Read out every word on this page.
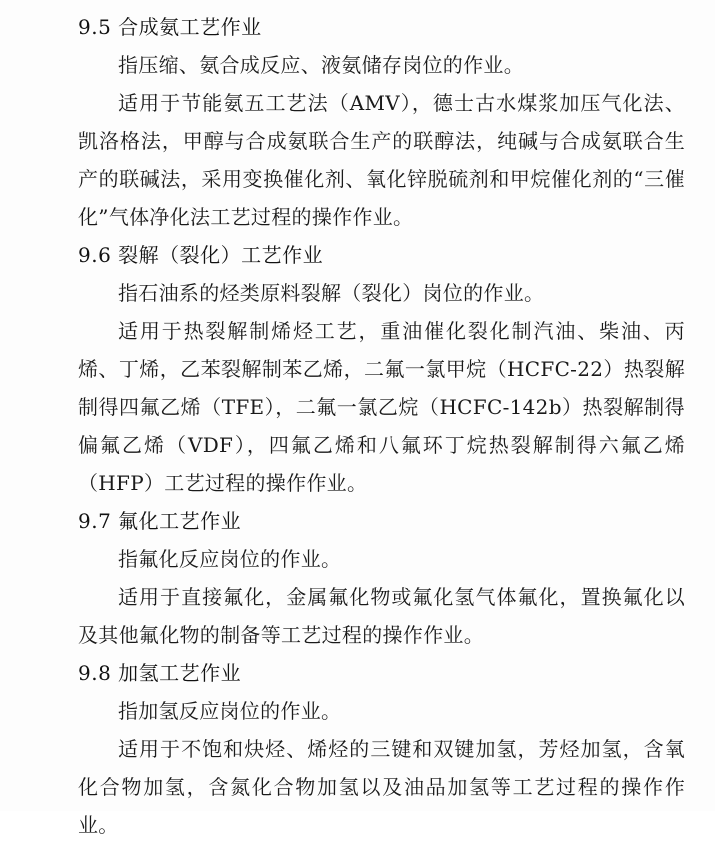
9.5 合成氨工艺作业

指压缩、氨合成反应、液氨储存岗位的作业。

适用于节能氨五工艺法（AMV），德士古水煤浆加压气化法、凯洛格法，甲醇与合成氨联合生产的联醇法，纯碱与合成氨联合生产的联碱法，采用变换催化剂、氧化锌脱硫剂和甲烷催化剂的“三催化”气体净化法工艺过程的操作作业。

9.6 裂解（裂化）工艺作业

指石油系的烃类原料裂解（裂化）岗位的作业。

适用于热裂解制烯烃工艺，重油催化裂化制汽油、柴油、丙烯、丁烯，乙苯裂解制苯乙烯，二氟一氯甲烷（HCFC-22）热裂解制得四氟乙烯（TFE），二氟一氯乙烷（HCFC-142b）热裂解制得偏氟乙烯（VDF），四氟乙烯和八氟环丁烷热裂解制得六氟乙烯（HFP）工艺过程的操作作业。

9.7 氟化工艺作业

指氟化反应岗位的作业。

适用于直接氟化，金属氟化物或氟化氢气体氟化，置换氟化以及其他氟化物的制备等工艺过程的操作作业。

9.8 加氢工艺作业

指加氢反应岗位的作业。

适用于不饱和炔烃、烯烃的三键和双键加氢，芳烃加氢，含氧化合物加氢，含氮化合物加氢以及油品加氢等工艺过程的操作作业。
